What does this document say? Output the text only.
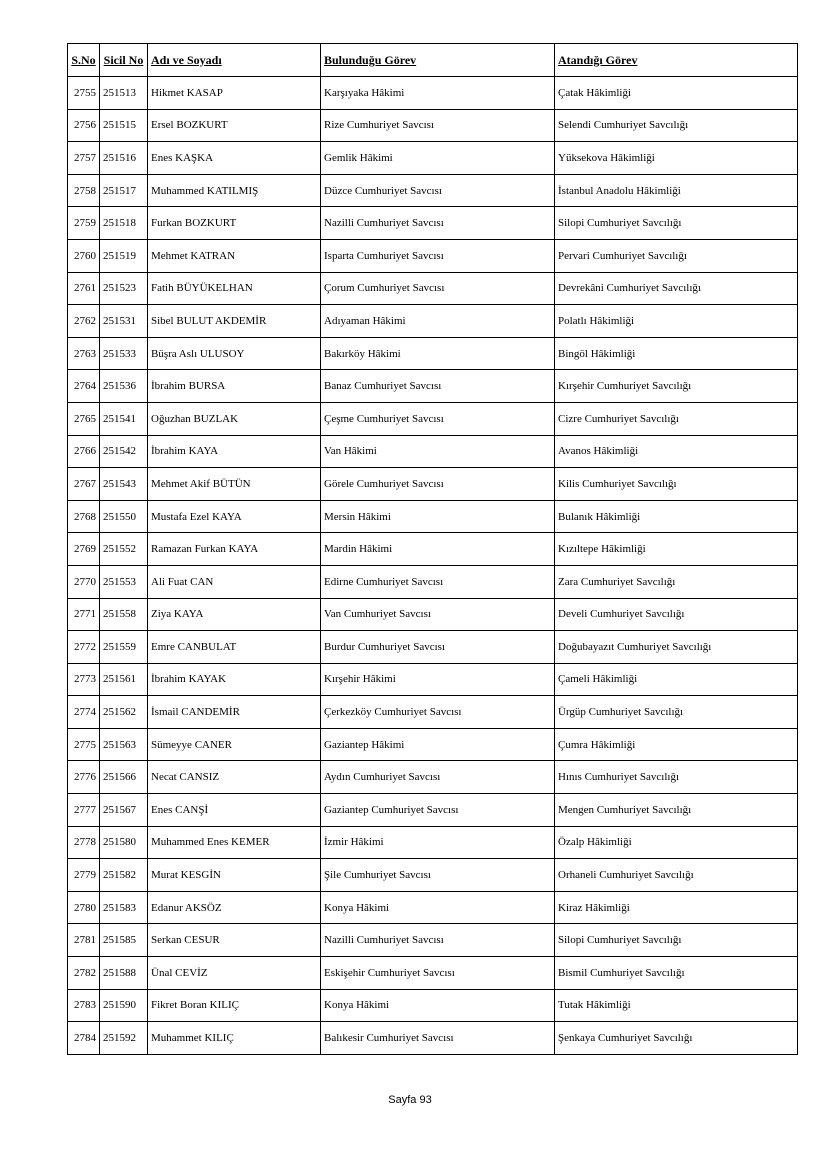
S.No	Sicil No	Adı ve Soyadı	Bulunduğu Görev	Atandığı Görev
2755	251513	Hikmet KASAP	Karşıyaka Hâkimi	Çatak Hâkimliği
2756	251515	Ersel BOZKURT	Rize Cumhuriyet Savcısı	Selendi Cumhuriyet Savcılığı
2757	251516	Enes KAŞKA	Gemlik Hâkimi	Yüksekova Hâkimliği
2758	251517	Muhammed KATILMIŞ	Düzce Cumhuriyet Savcısı	İstanbul Anadolu Hâkimliği
2759	251518	Furkan BOZKURT	Nazilli Cumhuriyet Savcısı	Silopi Cumhuriyet Savcılığı
2760	251519	Mehmet KATRAN	Isparta Cumhuriyet Savcısı	Pervari Cumhuriyet Savcılığı
2761	251523	Fatih BÜYÜKELHAN	Çorum Cumhuriyet Savcısı	Devrekâni Cumhuriyet Savcılığı
2762	251531	Sibel BULUT AKDEMİR	Adıyaman Hâkimi	Polatlı Hâkimliği
2763	251533	Büşra Aslı ULUSOY	Bakırköy Hâkimi	Bingöl Hâkimliği
2764	251536	İbrahim BURSA	Banaz Cumhuriyet Savcısı	Kırşehir Cumhuriyet Savcılığı
2765	251541	Oğuzhan BUZLAK	Çeşme Cumhuriyet Savcısı	Cizre Cumhuriyet Savcılığı
2766	251542	İbrahim KAYA	Van Hâkimi	Avanos Hâkimliği
2767	251543	Mehmet Akif BÜTÜN	Görele Cumhuriyet Savcısı	Kilis Cumhuriyet Savcılığı
2768	251550	Mustafa Ezel KAYA	Mersin Hâkimi	Bulanık Hâkimliği
2769	251552	Ramazan Furkan KAYA	Mardin Hâkimi	Kızıltepe Hâkimliği
2770	251553	Ali Fuat CAN	Edirne Cumhuriyet Savcısı	Zara Cumhuriyet Savcılığı
2771	251558	Ziya KAYA	Van Cumhuriyet Savcısı	Develi Cumhuriyet Savcılığı
2772	251559	Emre CANBULAT	Burdur Cumhuriyet Savcısı	Doğubayazıt Cumhuriyet Savcılığı
2773	251561	İbrahim KAYAK	Kırşehir Hâkimi	Çameli Hâkimliği
2774	251562	İsmail CANDEMİR	Çerkezköy Cumhuriyet Savcısı	Ürgüp Cumhuriyet Savcılığı
2775	251563	Sümeyye CANER	Gaziantep Hâkimi	Çumra Hâkimliği
2776	251566	Necat CANSIZ	Aydın Cumhuriyet Savcısı	Hınıs Cumhuriyet Savcılığı
2777	251567	Enes CANŞİ	Gaziantep Cumhuriyet Savcısı	Mengen Cumhuriyet Savcılığı
2778	251580	Muhammed Enes KEMER	İzmir Hâkimi	Özalp Hâkimliği
2779	251582	Murat KESGİN	Şile Cumhuriyet Savcısı	Orhaneli Cumhuriyet Savcılığı
2780	251583	Edanur AKSÖZ	Konya Hâkimi	Kiraz Hâkimliği
2781	251585	Serkan CESUR	Nazilli Cumhuriyet Savcısı	Silopi Cumhuriyet Savcılığı
2782	251588	Ünal CEVİZ	Eskişehir Cumhuriyet Savcısı	Bismil Cumhuriyet Savcılığı
2783	251590	Fikret Boran KILIÇ	Konya Hâkimi	Tutak Hâkimliği
2784	251592	Muhammet KILIÇ	Balıkesir Cumhuriyet Savcısı	Şenkaya Cumhuriyet Savcılığı
Sayfa 93
